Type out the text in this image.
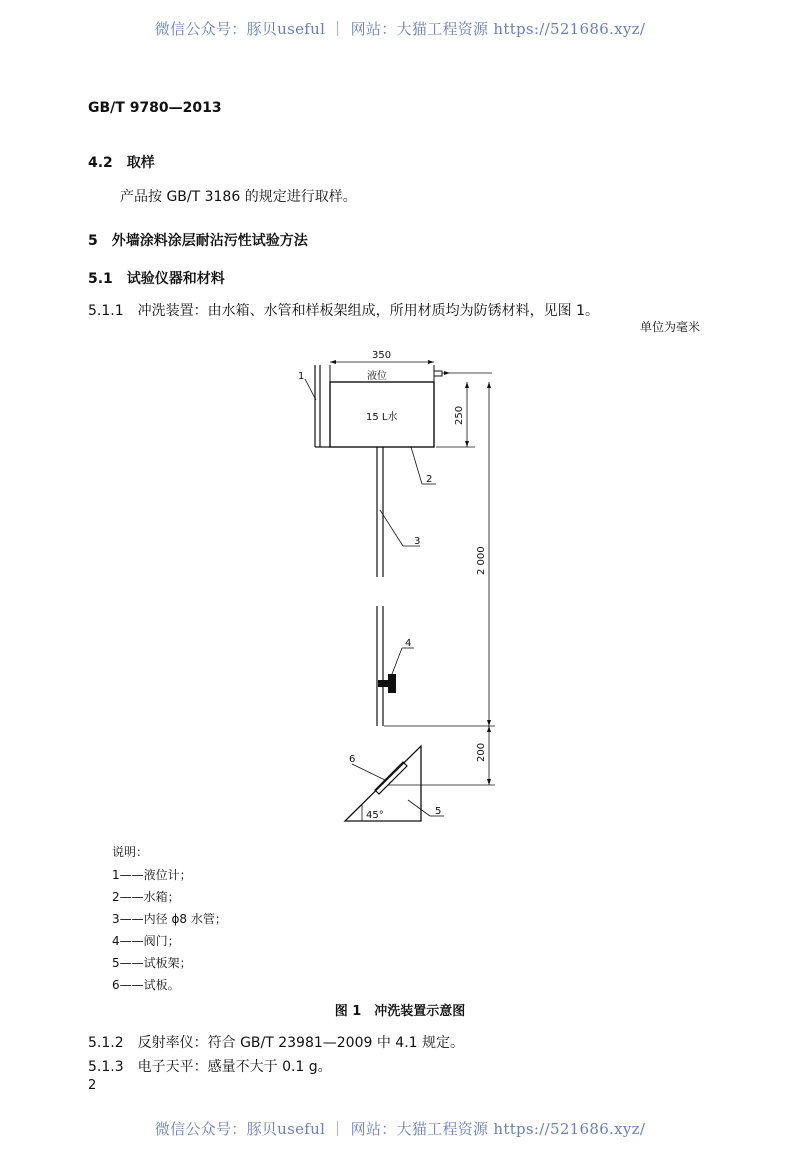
微信公众号：豚贝useful ｜ 网站：大猫工程资源 https://521686.xyz/
GB/T 9780—2013
4.2　取样
产品按 GB/T 3186 的规定进行取样。
5　外墙涂料涂层耐沾污性试验方法
5.1　试验仪器和材料
5.1.1　冲洗装置：由水箱、水管和样板架组成，所用材质均为防锈材料，见图 1。
单位为毫米
350
液位
15 L水	250
2 000
200
45°
1
2
3
4
5
6
说明：
1——液位计；
2——水箱；
3——内径 ϕ8 水管；
4——阀门；
5——试板架；
6——试板。
图 1　冲洗装置示意图
5.1.2　反射率仪：符合 GB/T 23981—2009 中 4.1 规定。
5.1.3　电子天平：感量不大于 0.1 g。
2
微信公众号：豚贝useful ｜ 网站：大猫工程资源 https://521686.xyz/
